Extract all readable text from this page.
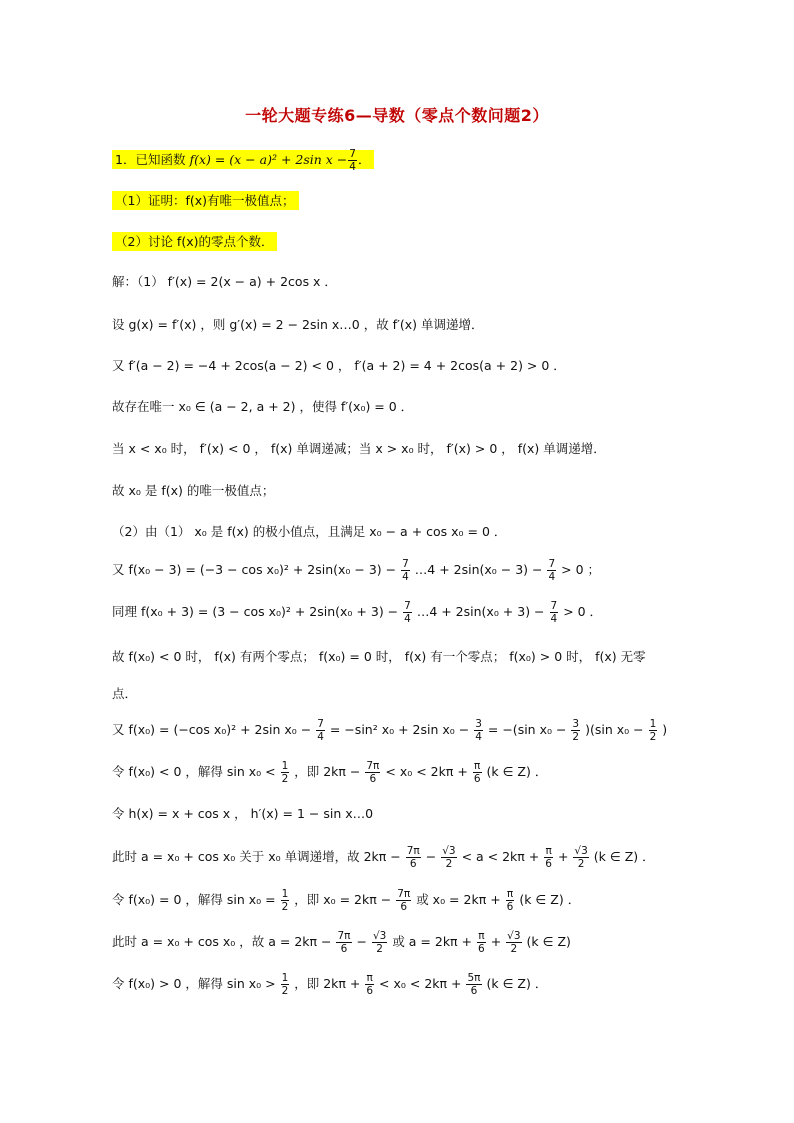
一轮大题专练6—导数（零点个数问题2）
1．已知函数 f(x) = (x − a)² + 2sin $x - \frac{7}{4}$ ．
（1）证明：f(x)有唯一极值点；
（2）讨论 f(x)的零点个数．
解：（1） f′(x) = 2(x − a) + 2cos x ．
设 g(x) = f′(x) ，则 g′(x) = 2 − 2sin x…0 ，故 f′(x) 单调递增．
又 f′(a − 2) = −4 + 2cos(a − 2) < 0 ， f′(a + 2) = 4 + 2cos(a + 2) > 0 ．
故存在唯一 x₀ ∈ (a − 2, a + 2) ，使得 f′(x₀) = 0 ．
当 x < x₀ 时， f′(x) < 0 ， f(x) 单调递减；当 x > x₀ 时， f′(x) > 0 ， f(x) 单调递增．
故 x₀ 是 f(x) 的唯一极值点；
（2）由（1） x₀ 是 f(x) 的极小值点，且满足 x₀ − a + cos x₀ = 0 ．
又 $f(x_0 - 3) = (-3 - \cos x_0)^2 + 2\sin(x_0 - 3) - \frac{7}{4}$ …4 + $2\sin(x_0 - 3) - \frac{7}{4} > 0$ ；
同理 $f(x_0 + 3) = (3 - \cos x_0)^2 + 2\sin(x_0 + 3) - \frac{7}{4}$ …4 + $2\sin(x_0 + 3) - \frac{7}{4} > 0$ ．
故 f(x₀) < 0 时， f(x) 有两个零点； f(x₀) = 0 时， f(x) 有一个零点； f(x₀) > 0 时， f(x) 无零
点．
又 f(x₀) = (−cos x₀)² + 2sin $x_0 - \frac{7}{4} = -\sin^2$ x₀ + 2sin $x_0 - \frac{3}{4} = -(\sin$ $x_0 - \frac{3}{2} )(\sin$ $x_0 - \frac{1}{2}$ )
令 f(x₀) < 0 ，解得 $\sin x_0 < \frac{1}{2}$ ，即 $2k\pi - \frac{7\pi}{6} < x_0 < 2k\pi + \frac{\pi}{6} (k$ ∈ Z) ．
令 h(x) = x + cos x ， h′(x) = 1 − sin x…0
此时 a = x₀ + cos x₀ 关于 x₀ 单调递增，故 $2k\pi - \frac{7\pi}{6} - \frac{√3}{2} < a < 2k\pi + \frac{\pi}{6} + \frac{√3}{2} (k$ ∈ Z) ．
令 f(x₀) = 0 ，解得 $\sin x_0 = \frac{1}{2}$ ，即 $x_0 = 2k\pi - \frac{7\pi}{6}$ 或 $x_0 = 2k\pi + \frac{\pi}{6} (k$ ∈ Z) ．
此时 a = x₀ + cos x₀ ，故 $a = 2k\pi - \frac{7\pi}{6} - \frac{√3}{2}$ 或 $a = 2k\pi + \frac{\pi}{6} + \frac{√3}{2} (k$ ∈ Z)
令 f(x₀) > 0 ，解得 $\sin x_0 > \frac{1}{2}$ ，即 $2k\pi + \frac{\pi}{6} < x_0 < 2k\pi + \frac{5\pi}{6} (k$ ∈ Z) ．
